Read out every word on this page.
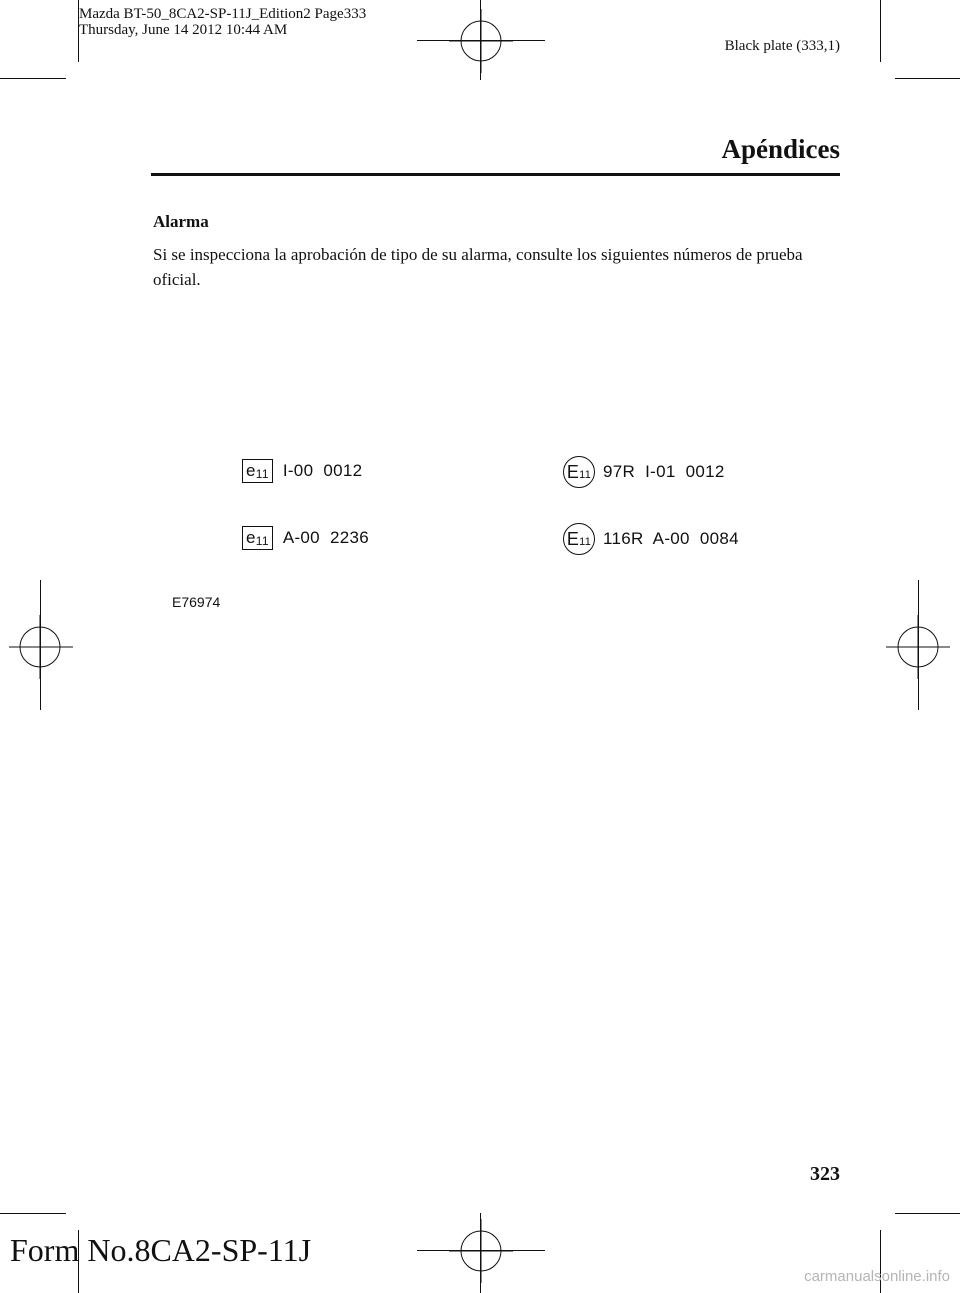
Mazda BT-50_8CA2-SP-11J_Edition2 Page333
Thursday, June 14 2012 10:44 AM
Black plate (333,1)
Apéndices
Alarma
Si se inspecciona la aprobación de tipo de su alarma, consulte los siguientes números de prueba oficial.
$e_{11}$ I-00  0012	$E_{11}$ 97R  I-01  0012
$e_{11}$ A-00  2236	$E_{11}$ 116R  A-00  0084
E76974
323
Form No.8CA2-SP-11J
carmanualsonline.info
